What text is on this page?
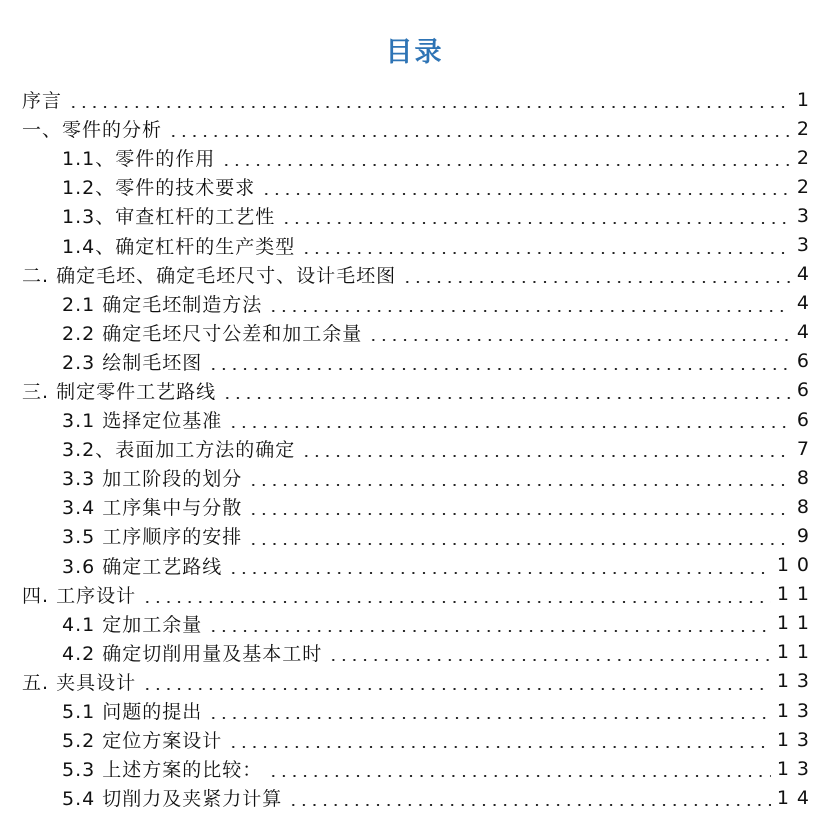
目录
序言	1
一、零件的分析	2
1.1、零件的作用	2
1.2、零件的技术要求	2
1.3、审查杠杆的工艺性	3
1.4、确定杠杆的生产类型	3
二. 确定毛坯、确定毛坯尺寸、设计毛坯图	4
2.1 确定毛坯制造方法	4
2.2 确定毛坯尺寸公差和加工余量	4
2.3 绘制毛坯图	6
三. 制定零件工艺路线	6
3.1 选择定位基准	6
3.2、表面加工方法的确定	7
3.3 加工阶段的划分	8
3.4 工序集中与分散	8
3.5 工序顺序的安排	9
3.6 确定工艺路线	10
四. 工序设计	11
4.1 定加工余量	11
4.2 确定切削用量及基本工时	11
五. 夹具设计	13
5.1 问题的提出	13
5.2 定位方案设计	13
5.3 上述方案的比较：	13
5.4 切削力及夹紧力计算	14
